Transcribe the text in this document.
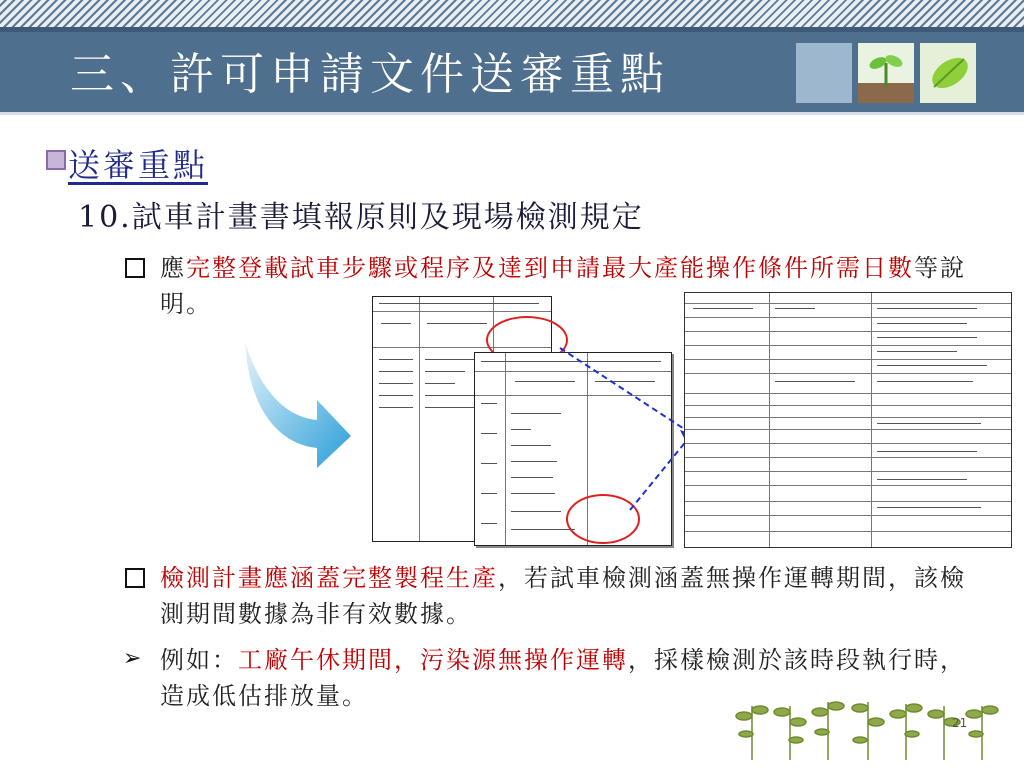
三、許可申請文件送審重點
送審重點
10.試車計畫書填報原則及現場檢測規定
應完整登載試車步驟或程序及達到申請最大產能操作條件所需日數等說明。
檢測計畫應涵蓋完整製程生產，若試車檢測涵蓋無操作運轉期間，該檢測期間數據為非有效數據。
➢ 例如：工廠午休期間，污染源無操作運轉，採樣檢測於該時段執行時，造成低估排放量。
21
